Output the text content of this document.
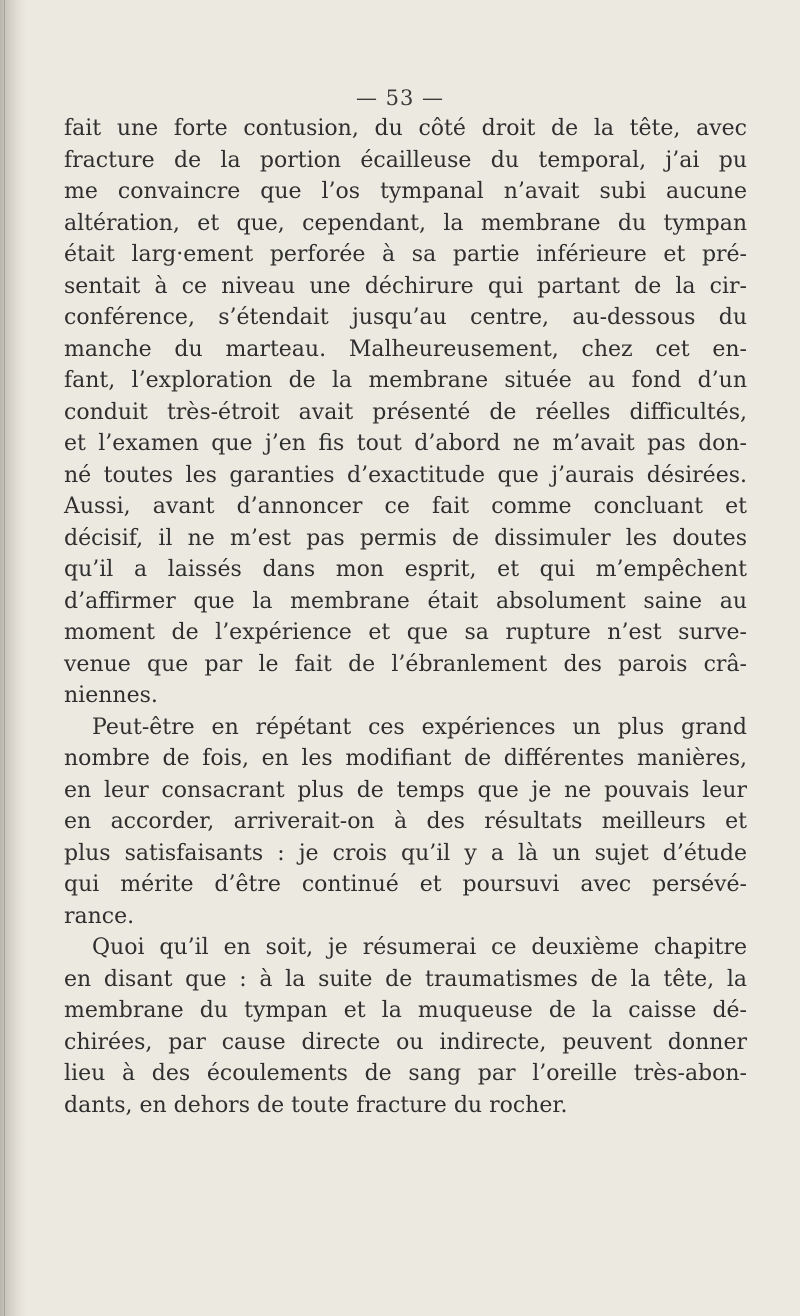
— 53 —
fait une forte contusion, du côté droit de la tête, avec
fracture de la portion écailleuse du temporal, j’ai pu
me convaincre que l’os tympanal n’avait subi aucune
altération, et que, cependant, la membrane du tympan
était larg·ement perforée à sa partie inférieure et pré-
sentait à ce niveau une déchirure qui partant de la cir-
conférence, s’étendait jusqu’au centre, au-dessous du
manche du marteau. Malheureusement, chez cet en-
fant, l’exploration de la membrane située au fond d’un
conduit très-étroit avait présenté de réelles difficultés,
et l’examen que j’en fis tout d’abord ne m’avait pas don-
né toutes les garanties d’exactitude que j’aurais désirées.
Aussi, avant d’annoncer ce fait comme concluant et
décisif, il ne m’est pas permis de dissimuler les doutes
qu’il a laissés dans mon esprit, et qui m’empêchent
d’affirmer que la membrane était absolument saine au
moment de l’expérience et que sa rupture n’est surve-
venue que par le fait de l’ébranlement des parois crâ-
niennes.
Peut-être en répétant ces expériences un plus grand
nombre de fois, en les modifiant de différentes manières,
en leur consacrant plus de temps que je ne pouvais leur
en accorder, arriverait-on à des résultats meilleurs et
plus satisfaisants : je crois qu’il y a là un sujet d’étude
qui mérite d’être continué et poursuvi avec persévé-
rance.
Quoi qu’il en soit, je résumerai ce deuxième chapitre
en disant que : à la suite de traumatismes de la tête, la
membrane du tympan et la muqueuse de la caisse dé-
chirées, par cause directe ou indirecte, peuvent donner
lieu à des écoulements de sang par l’oreille très-abon-
dants, en dehors de toute fracture du rocher.
